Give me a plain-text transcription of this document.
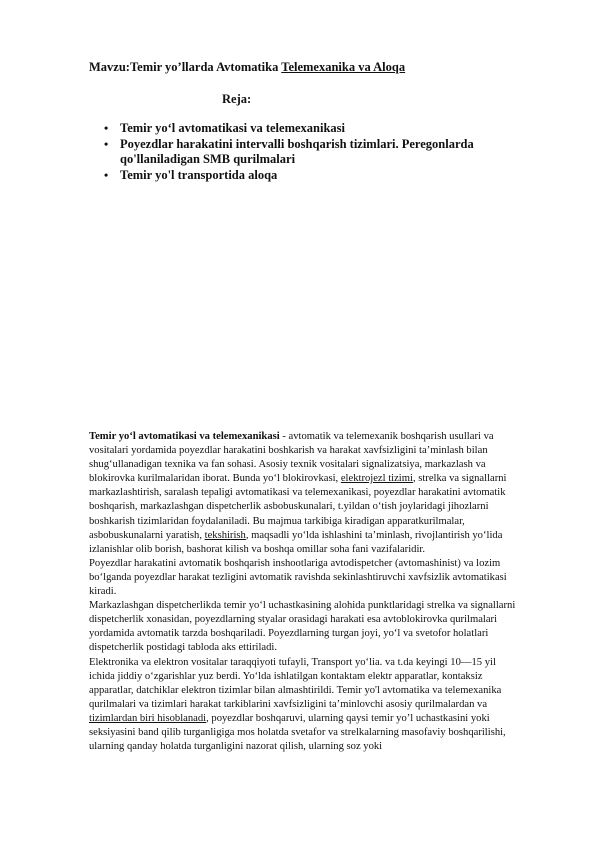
Mavzu:Temir yo’llarda Avtomatika Telemexanika va Aloqa
Reja:
• Temir yo‘l avtomatikasi va telemexanikasi
• Poyezdlar harakatini intervalli boshqarish tizimlari. Peregonlarda qo'llaniladigan SMB qurilmalari
• Temir yo'l transportida aloqa

Temir yo‘l avtomatikasi va telemexanikasi - avtomatik va telemexanik boshqarish usullari va vositalari yordamida poyezdlar harakatini boshkarish va harakat xavfsizligini ta’minlash bilan shug‘ullanadigan texnika va fan sohasi. Asosiy texnik vositalari signalizatsiya, markazlash va blokirovka kurilmalaridan iborat. Bunda yo‘l blokirovkasi, elektrojezl tizimi, strelka va signallarni markazlashtirish, saralash tepaligi avtomatikasi va telemexanikasi, poyezdlar harakatini avtomatik boshqarish, markazlashgan dispetcherlik asbobuskunalari, t.yildan o‘tish joylaridagi jihozlarni boshkarish tizimlaridan foydalaniladi. Bu majmua tarkibiga kiradigan apparatkurilmalar, asbobuskunalarni yaratish, tekshirish, maqsadli yo‘lda ishlashini ta’minlash, rivojlantirish yo‘lida izlanishlar olib borish, bashorat kilish va boshqa omillar soha fani vazifalaridir.

Poyezdlar harakatini avtomatik boshqarish inshootlariga avtodispetcher (avtomashinist) va lozim bo‘lganda poyezdlar harakat tezligini avtomatik ravishda sekinlashtiruvchi xavfsizlik avtomatikasi kiradi.

Markazlashgan dispetcherlikda temir yo‘l uchastkasining alohida punktlaridagi strelka va signallarni dispetcherlik xonasidan, poyezdlarning styalar orasidagi harakati esa avtoblokirovka qurilmalari yordamida avtomatik tarzda boshqariladi. Poyezdlarning turgan joyi, yo‘l va svetofor holatlari dispetcherlik postidagi tabloda aks ettiriladi.

Elektronika va elektron vositalar taraqqiyoti tufayli, Transport yo‘lia. va t.da keyingi 10—15 yil ichida jiddiy o‘zgarishlar yuz berdi. Yo‘lda ishlatilgan kontaktam elektr apparatlar, kontaksiz apparatlar, datchiklar elektron tizimlar bilan almashtirildi. Temir yo'l avtomatika va telemexanika qurilmalari va tizimlari harakat tarkiblarini xavfsizligini ta’minlovchi asosiy qurilmalardan va tizimlardan biri hisoblanadi, poyezdlar boshqaruvi, ularning qaysi temir yo’l uchastkasini yoki seksiyasini band qilib turganligiga mos holatda svetafor va strelkalarning masofaviy boshqarilishi, ularning qanday holatda turganligini nazorat qilish, ularning soz yoki
